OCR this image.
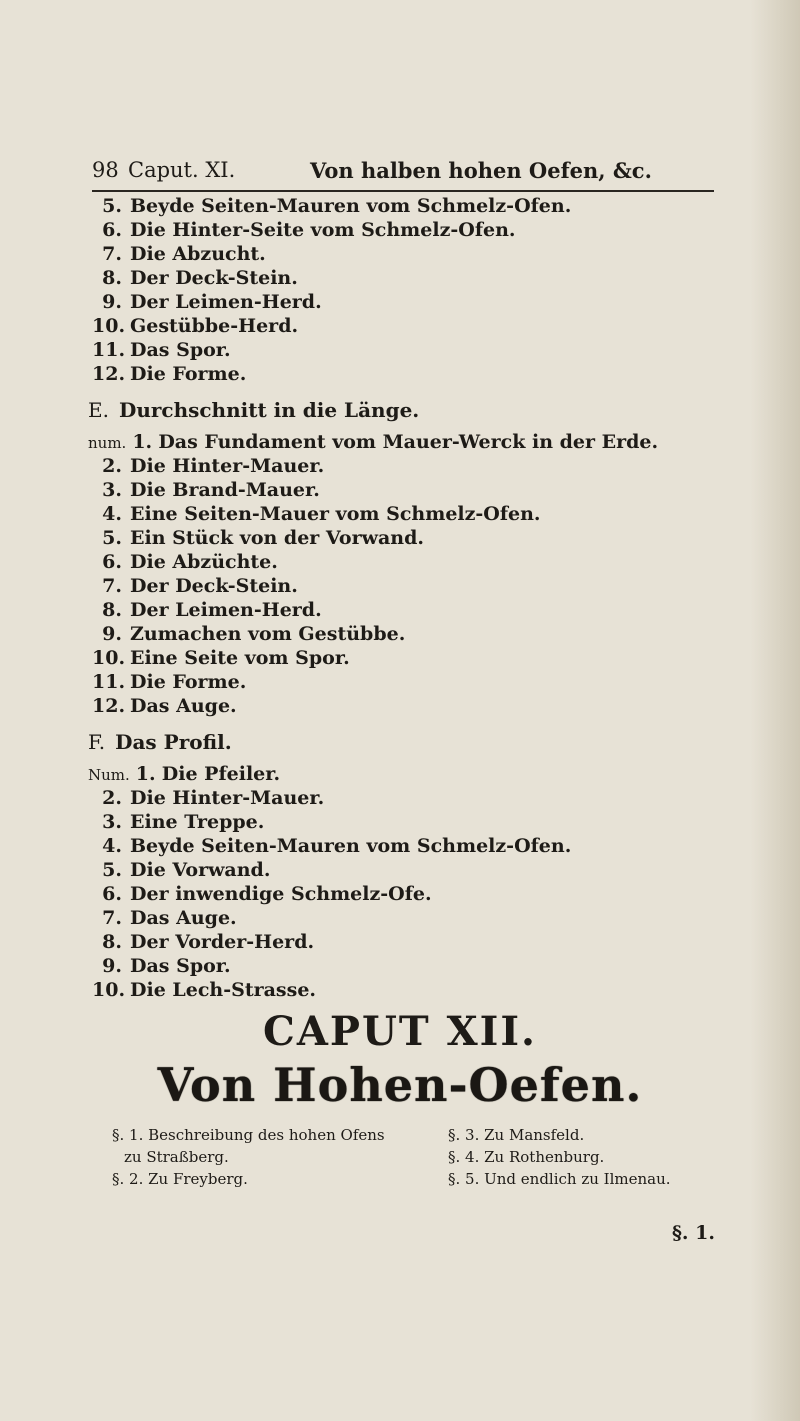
98 Caput. XI.	Von halben hohen Oefen, &c.
5. Beyde Seiten-Mauren vom Schmelz-Ofen.
6. Die Hinter-Seite vom Schmelz-Ofen.
7. Die Abzucht.
8. Der Deck-Stein.
9. Der Leimen-Herd.
10. Gestübbe-Herd.
11. Das Spor.
12. Die Forme.
E. Durchschnitt in die Länge.
num. 1. Das Fundament vom Mauer-Werck in der Erde.
2. Die Hinter-Mauer.
3. Die Brand-Mauer.
4. Eine Seiten-Mauer vom Schmelz-Ofen.
5. Ein Stück von der Vorwand.
6. Die Abzüchte.
7. Der Deck-Stein.
8. Der Leimen-Herd.
9. Zumachen vom Gestübbe.
10. Eine Seite vom Spor.
11. Die Forme.
12. Das Auge.
F. Das Profil.
Num. 1. Die Pfeiler.
2. Die Hinter-Mauer.
3. Eine Treppe.
4. Beyde Seiten-Mauren vom Schmelz-Ofen.
5. Die Vorwand.
6. Der inwendige Schmelz-Ofe.
7. Das Auge.
8. Der Vorder-Herd.
9. Das Spor.
10. Die Lech-Strasse.
CAPUT XII.
Von Hohen-Oefen.
§. 1. Beschreibung des hohen Ofens
zu Straßberg.
§. 2. Zu Freyberg.
§. 3. Zu Mansfeld.
§. 4. Zu Rothenburg.
§. 5. Und endlich zu Ilmenau.
§. 1.
